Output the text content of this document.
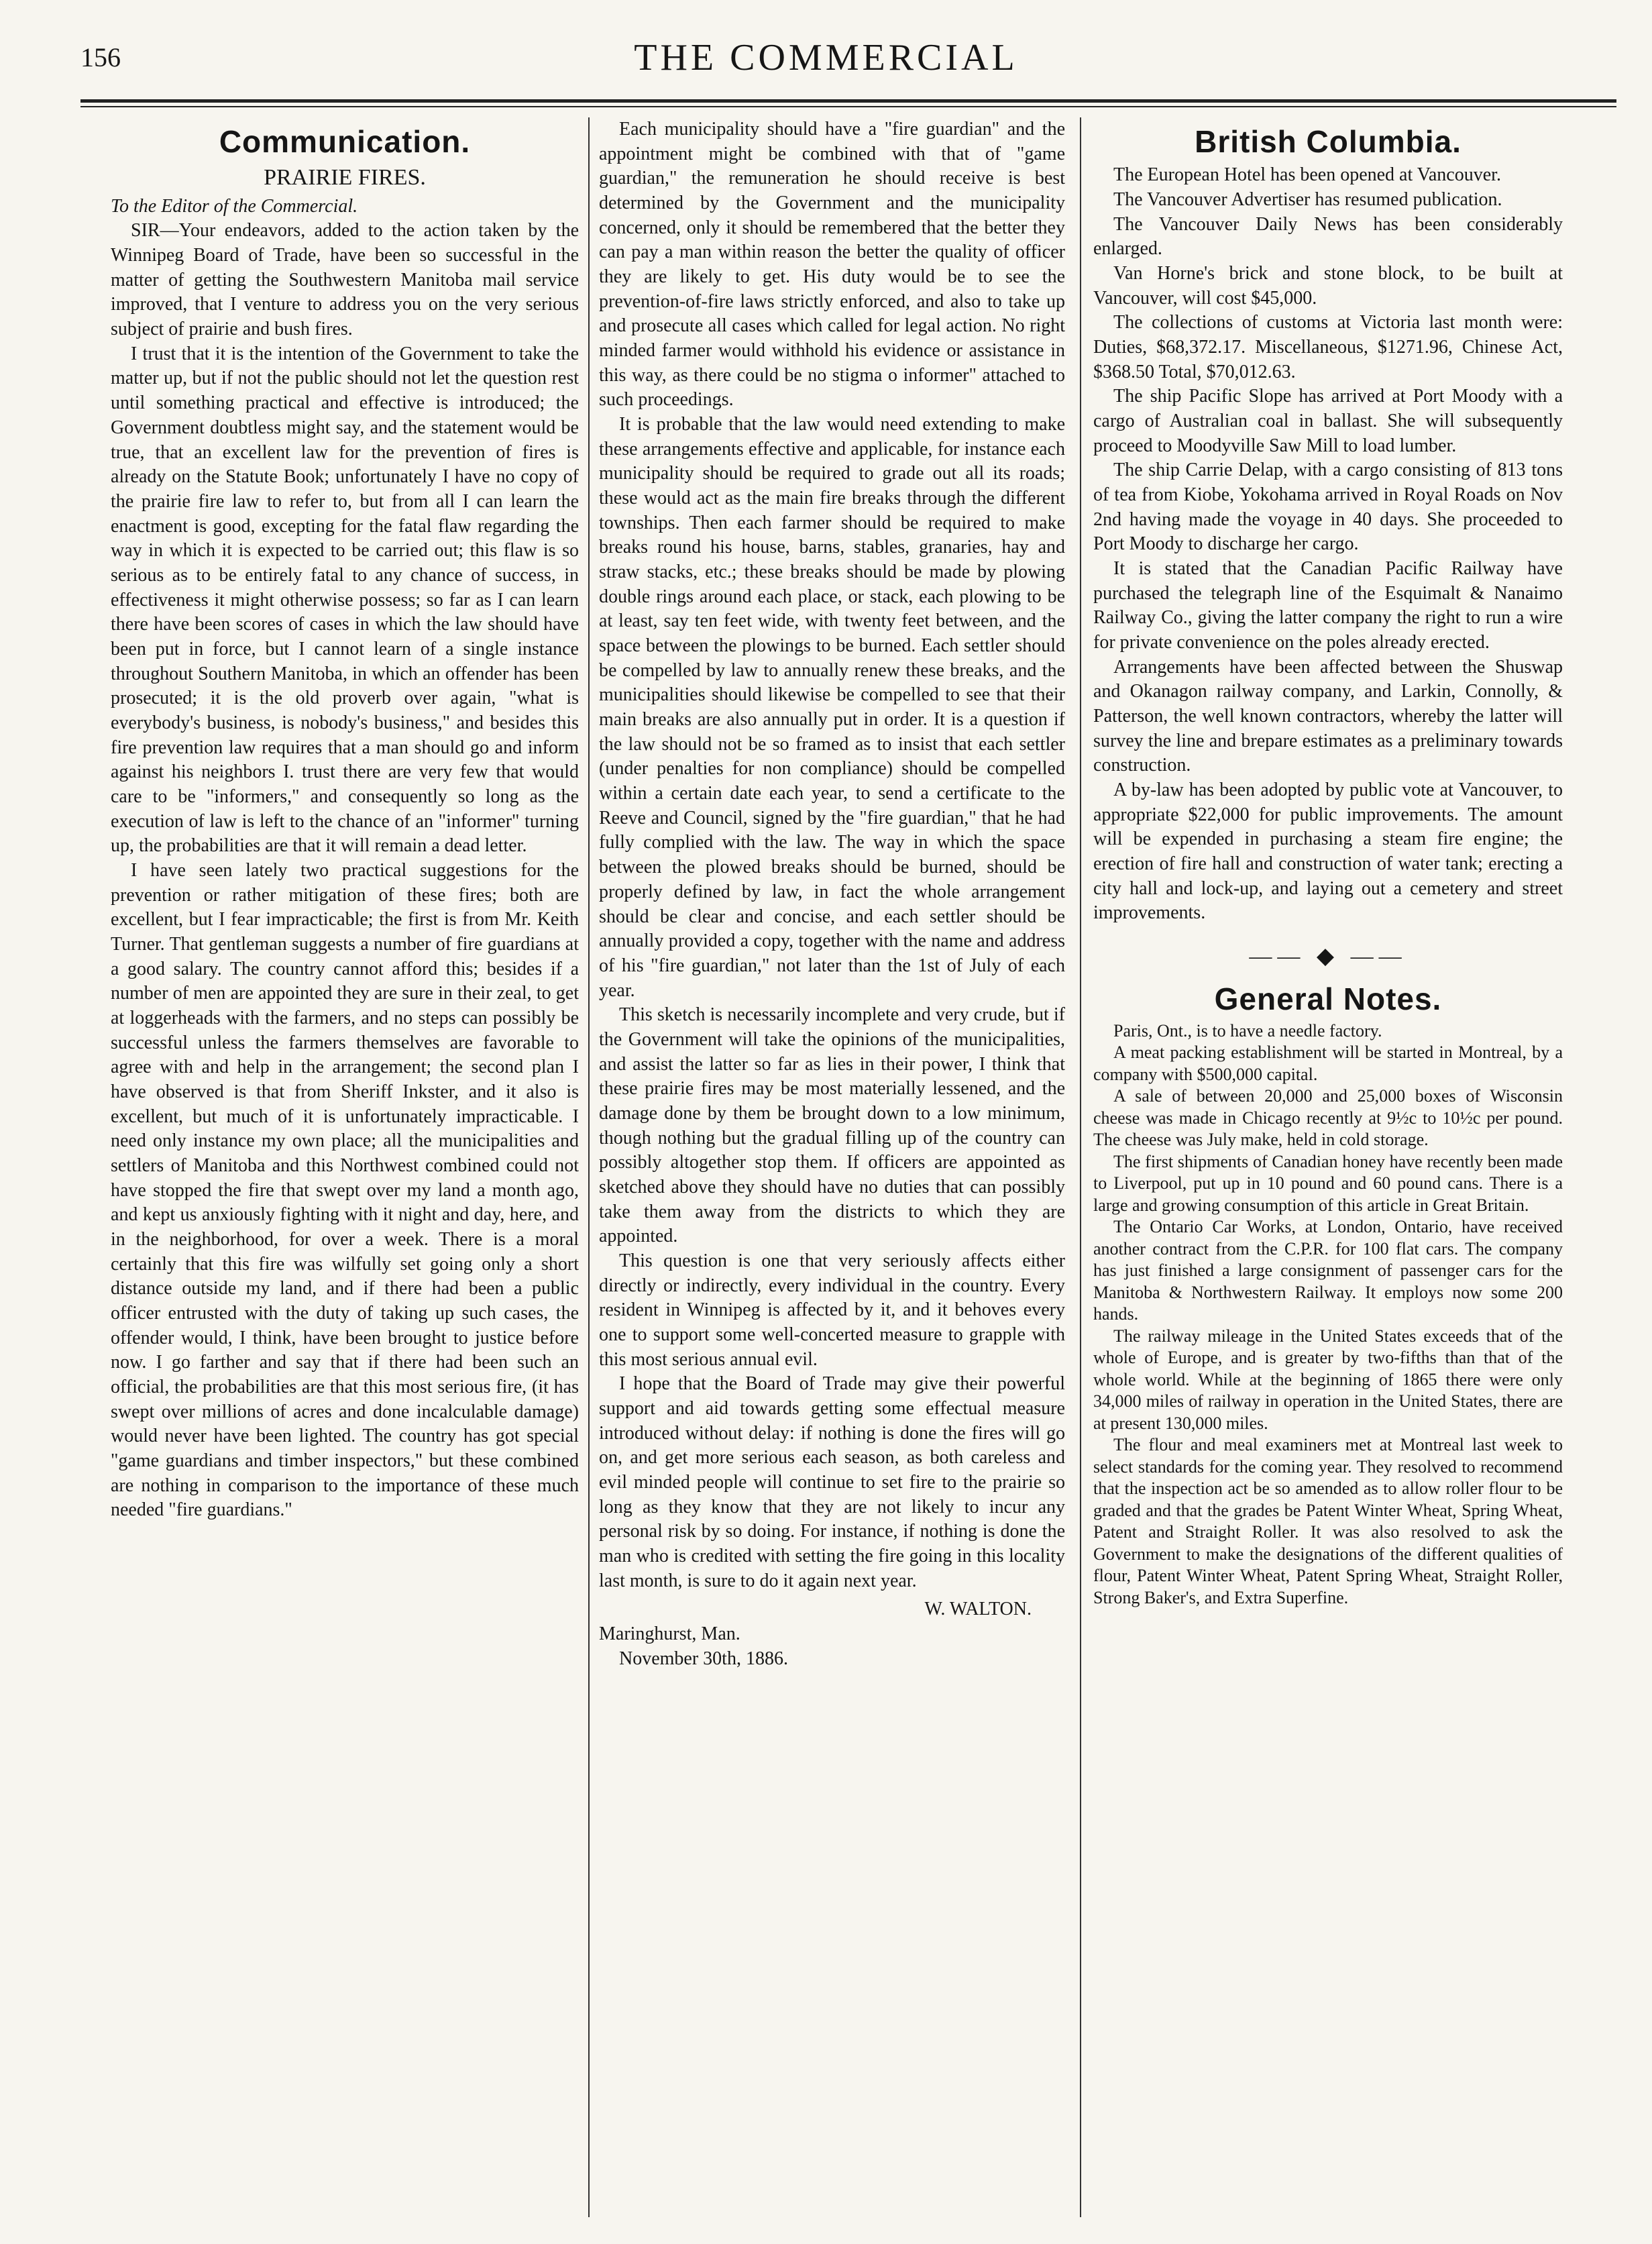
156	THE COMMERCIAL
Communication.
PRAIRIE FIRES.

To the Editor of the Commercial.

SIR—Your endeavors, added to the action taken by the Winnipeg Board of Trade, have been so successful in the matter of getting the Southwestern Manitoba mail service improved, that I venture to address you on the very serious subject of prairie and bush fires.

I trust that it is the intention of the Government to take the matter up, but if not the public should not let the question rest until something practical and effective is introduced; the Government doubtless might say, and the statement would be true, that an excellent law for the prevention of fires is already on the Statute Book; unfortunately I have no copy of the prairie fire law to refer to, but from all I can learn the enactment is good, excepting for the fatal flaw regarding the way in which it is expected to be carried out; this flaw is so serious as to be entirely fatal to any chance of success, in effectiveness it might otherwise possess; so far as I can learn there have been scores of cases in which the law should have been put in force, but I cannot learn of a single instance throughout Southern Manitoba, in which an offender has been prosecuted; it is the old proverb over again, "what is everybody's business, is nobody's business," and besides this fire prevention law requires that a man should go and inform against his neighbors I. trust there are very few that would care to be "informers," and consequently so long as the execution of law is left to the chance of an "informer" turning up, the probabilities are that it will remain a dead letter.

I have seen lately two practical suggestions for the prevention or rather mitigation of these fires; both are excellent, but I fear impracticable; the first is from Mr. Keith Turner. That gentleman suggests a number of fire guardians at a good salary. The country cannot afford this; besides if a number of men are appointed they are sure in their zeal, to get at loggerheads with the farmers, and no steps can possibly be successful unless the farmers themselves are favorable to agree with and help in the arrangement; the second plan I have observed is that from Sheriff Inkster, and it also is excellent, but much of it is unfortunately impracticable. I need only instance my own place; all the municipalities and settlers of Manitoba and this Northwest combined could not have stopped the fire that swept over my land a month ago, and kept us anxiously fighting with it night and day, here, and in the neighborhood, for over a week. There is a moral certainly that this fire was wilfully set going only a short distance outside my land, and if there had been a public officer entrusted with the duty of taking up such cases, the offender would, I think, have been brought to justice before now. I go farther and say that if there had been such an official, the probabilities are that this most serious fire, (it has swept over millions of acres and done incalculable damage) would never have been lighted. The country has got special "game guardians and timber inspectors," but these combined are nothing in comparison to the importance of these much needed "fire guardians."

Each municipality should have a "fire guardian" and the appointment might be combined with that of "game guardian," the remuneration he should receive is best determined by the Government and the municipality concerned, only it should be remembered that the better they can pay a man within reason the better the quality of officer they are likely to get. His duty would be to see the prevention-of-fire laws strictly enforced, and also to take up and prosecute all cases which called for legal action. No right minded farmer would withhold his evidence or assistance in this way, as there could be no stigma o informer" attached to such proceedings.

It is probable that the law would need extending to make these arrangements effective and applicable, for instance each municipality should be required to grade out all its roads; these would act as the main fire breaks through the different townships. Then each farmer should be required to make breaks round his house, barns, stables, granaries, hay and straw stacks, etc.; these breaks should be made by plowing double rings around each place, or stack, each plowing to be at least, say ten feet wide, with twenty feet between, and the space between the plowings to be burned. Each settler should be compelled by law to annually renew these breaks, and the municipalities should likewise be compelled to see that their main breaks are also annually put in order. It is a question if the law should not be so framed as to insist that each settler (under penalties for non compliance) should be compelled within a certain date each year, to send a certificate to the Reeve and Council, signed by the "fire guardian," that he had fully complied with the law. The way in which the space between the plowed breaks should be burned, should be properly defined by law, in fact the whole arrangement should be clear and concise, and each settler should be annually provided a copy, together with the name and address of his "fire guardian," not later than the 1st of July of each year.

This sketch is necessarily incomplete and very crude, but if the Government will take the opinions of the municipalities, and assist the latter so far as lies in their power, I think that these prairie fires may be most materially lessened, and the damage done by them be brought down to a low minimum, though nothing but the gradual filling up of the country can possibly altogether stop them. If officers are appointed as sketched above they should have no duties that can possibly take them away from the districts to which they are appointed.

This question is one that very seriously affects either directly or indirectly, every individual in the country. Every resident in Winnipeg is affected by it, and it behoves every one to support some well-concerted measure to grapple with this most serious annual evil.

I hope that the Board of Trade may give their powerful support and aid towards getting some effectual measure introduced without delay: if nothing is done the fires will go on, and get more serious each season, as both careless and evil minded people will continue to set fire to the prairie so long as they know that they are not likely to incur any personal risk by so doing. For instance, if nothing is done the man who is credited with setting the fire going in this locality last month, is sure to do it again next year.

W. WALTON.

Maringhurst, Man.

November 30th, 1886.

British Columbia.

The European Hotel has been opened at Vancouver.

The Vancouver Advertiser has resumed publication.

The Vancouver Daily News has been considerably enlarged.

Van Horne's brick and stone block, to be built at Vancouver, will cost $45,000.

The collections of customs at Victoria last month were: Duties, $68,372.17. Miscellaneous, $1271.96, Chinese Act, $368.50 Total, $70,012.63.

The ship Pacific Slope has arrived at Port Moody with a cargo of Australian coal in ballast. She will subsequently proceed to Moodyville Saw Mill to load lumber.

The ship Carrie Delap, with a cargo consisting of 813 tons of tea from Kiobe, Yokohama arrived in Royal Roads on Nov 2nd having made the voyage in 40 days. She proceeded to Port Moody to discharge her cargo.

It is stated that the Canadian Pacific Railway have purchased the telegraph line of the Esquimalt & Nanaimo Railway Co., giving the latter company the right to run a wire for private convenience on the poles already erected.

Arrangements have been affected between the Shuswap and Okanagon railway company, and Larkin, Connolly, & Patterson, the well known contractors, whereby the latter will survey the line and brepare estimates as a preliminary towards construction.

A by-law has been adopted by public vote at Vancouver, to appropriate $22,000 for public improvements. The amount will be expended in purchasing a steam fire engine; the erection of fire hall and construction of water tank; erecting a city hall and lock-up, and laying out a cemetery and street improvements.

—— ◆ ——
General Notes.

Paris, Ont., is to have a needle factory.

A meat packing establishment will be started in Montreal, by a company with $500,000 capital.

A sale of between 20,000 and 25,000 boxes of Wisconsin cheese was made in Chicago recently at 9½c to 10½c per pound. The cheese was July make, held in cold storage.

The first shipments of Canadian honey have recently been made to Liverpool, put up in 10 pound and 60 pound cans. There is a large and growing consumption of this article in Great Britain.

The Ontario Car Works, at London, Ontario, have received another contract from the C.P.R. for 100 flat cars. The company has just finished a large consignment of passenger cars for the Manitoba & Northwestern Railway. It employs now some 200 hands.

The railway mileage in the United States exceeds that of the whole of Europe, and is greater by two-fifths than that of the whole world. While at the beginning of 1865 there were only 34,000 miles of railway in operation in the United States, there are at present 130,000 miles.

The flour and meal examiners met at Montreal last week to select standards for the coming year. They resolved to recommend that the inspection act be so amended as to allow roller flour to be graded and that the grades be Patent Winter Wheat, Spring Wheat, Patent and Straight Roller. It was also resolved to ask the Government to make the designations of the different qualities of flour, Patent Winter Wheat, Patent Spring Wheat, Straight Roller, Strong Baker's, and Extra Superfine.
